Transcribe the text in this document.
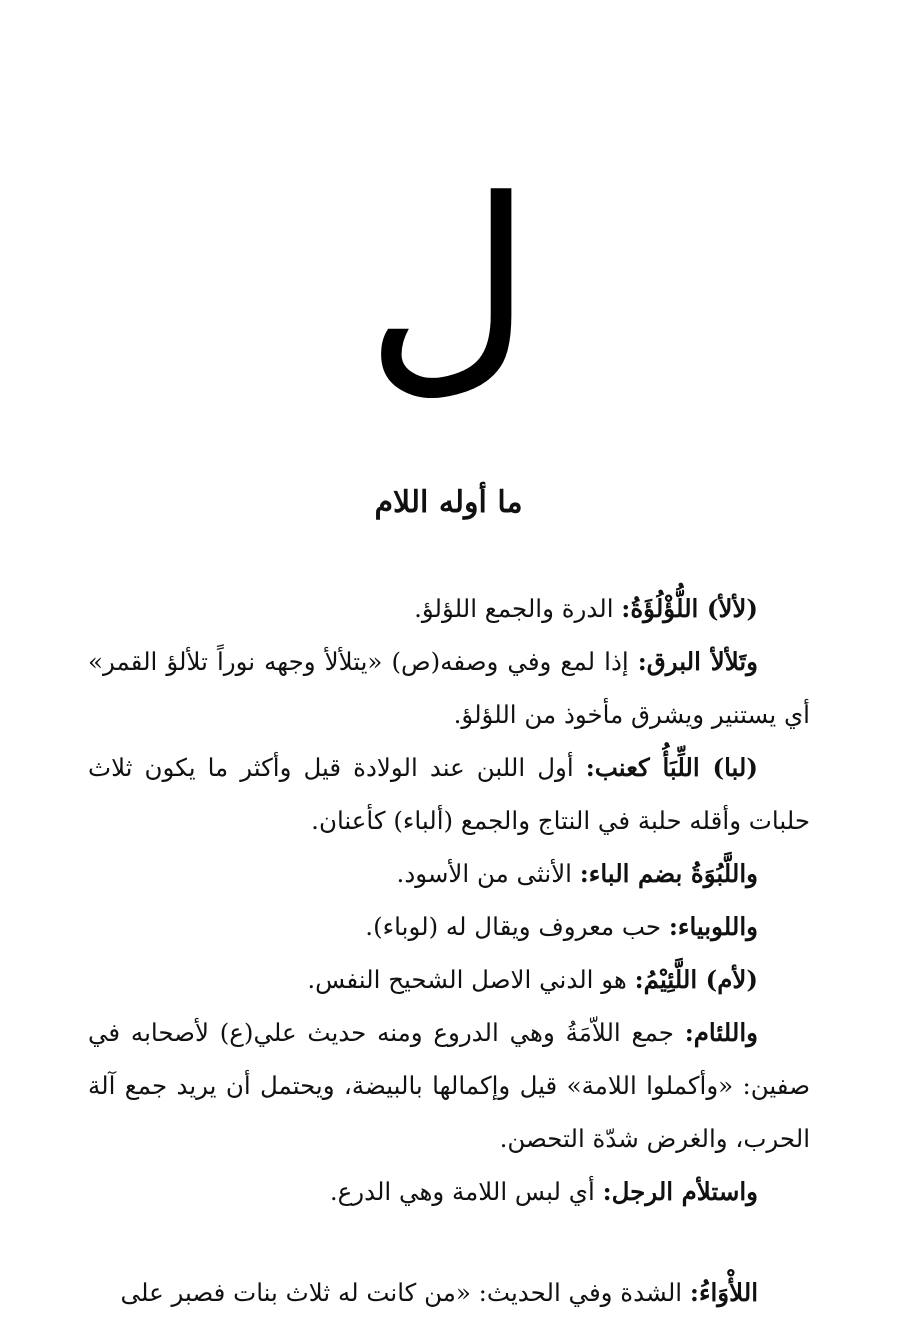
ل
ما أوله اللام

(لألأ) اللُّؤْلُؤَةُ: الدرة والجمع اللؤلؤ.

وتَلألأ البرق: إذا لمع وفي وصفه(ص) «يتلألأ وجهه نوراً تلألؤ القمر» أي يستنير ويشرق مأخوذ من اللؤلؤ.

(لبا) اللِّبَأُ كعنب: أول اللبن عند الولادة قيل وأكثر ما يكون ثلاث حلبات وأقله حلبة في النتاج والجمع (ألباء) كأعنان.

واللَّبُوَةُ بضم الباء: الأنثى من الأسود.

واللوبياء: حب معروف ويقال له (لوباء).

(لأم) اللَّئِيْمُ: هو الدني الاصل الشحيح النفس.

واللئام: جمع اللاّمَةُ وهي الدروع ومنه حديث علي(ع) لأصحابه في صفين: «وأكملوا اللامة» قيل وإكمالها بالبيضة، ويحتمل أن يريد جمع آلة الحرب، والغرض شدّة التحصن.

واستلأم الرجل: أي لبس اللامة وهي الدرع.

اللأْوَاءُ: الشدة وفي الحديث: «من كانت له ثلاث بنات فصبر على
